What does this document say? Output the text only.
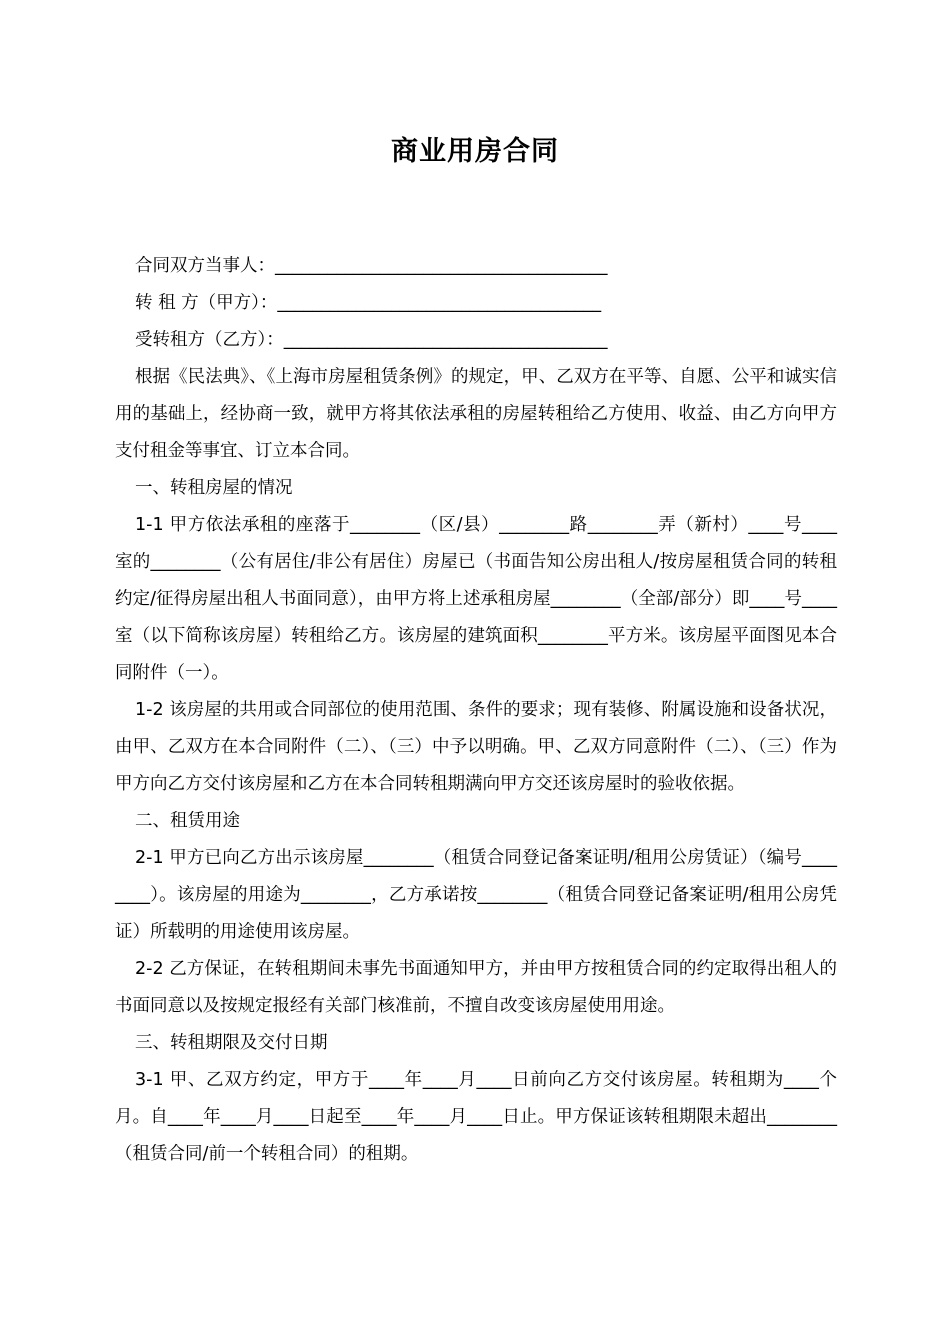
商业用房合同
合同双方当事人：______________________________________
转 租 方（甲方）：_____________________________________
受转租方（乙方）：_____________________________________
根据《民法典》、《上海市房屋租赁条例》的规定，甲、乙双方在平等、自愿、公平和诚实信用的基础上，经协商一致，就甲方将其依法承租的房屋转租给乙方使用、收益、由乙方向甲方支付租金等事宜、订立本合同。
一、转租房屋的情况
1-1 甲方依法承租的座落于________（区/县）________路________弄（新村）____号____室的________（公有居住/非公有居住）房屋已（书面告知公房出租人/按房屋租赁合同的转租约定/征得房屋出租人书面同意），由甲方将上述承租房屋________（全部/部分）即____号____室（以下简称该房屋）转租给乙方。该房屋的建筑面积________平方米。该房屋平面图见本合同附件（一）。
1-2 该房屋的共用或合同部位的使用范围、条件的要求；现有装修、附属设施和设备状况，由甲、乙双方在本合同附件（二）、（三）中予以明确。甲、乙双方同意附件（二）、（三）作为甲方向乙方交付该房屋和乙方在本合同转租期满向甲方交还该房屋时的验收依据。
二、租赁用途
2-1 甲方已向乙方出示该房屋________（租赁合同登记备案证明/租用公房赁证）（编号________）。该房屋的用途为________，乙方承诺按________（租赁合同登记备案证明/租用公房凭证）所载明的用途使用该房屋。
2-2 乙方保证，在转租期间未事先书面通知甲方，并由甲方按租赁合同的约定取得出租人的书面同意以及按规定报经有关部门核准前，不擅自改变该房屋使用用途。
三、转租期限及交付日期
3-1 甲、乙双方约定，甲方于____年____月____日前向乙方交付该房屋。转租期为____个月。自____年____月____日起至____年____月____日止。甲方保证该转租期限未超出________（租赁合同/前一个转租合同）的租期。
